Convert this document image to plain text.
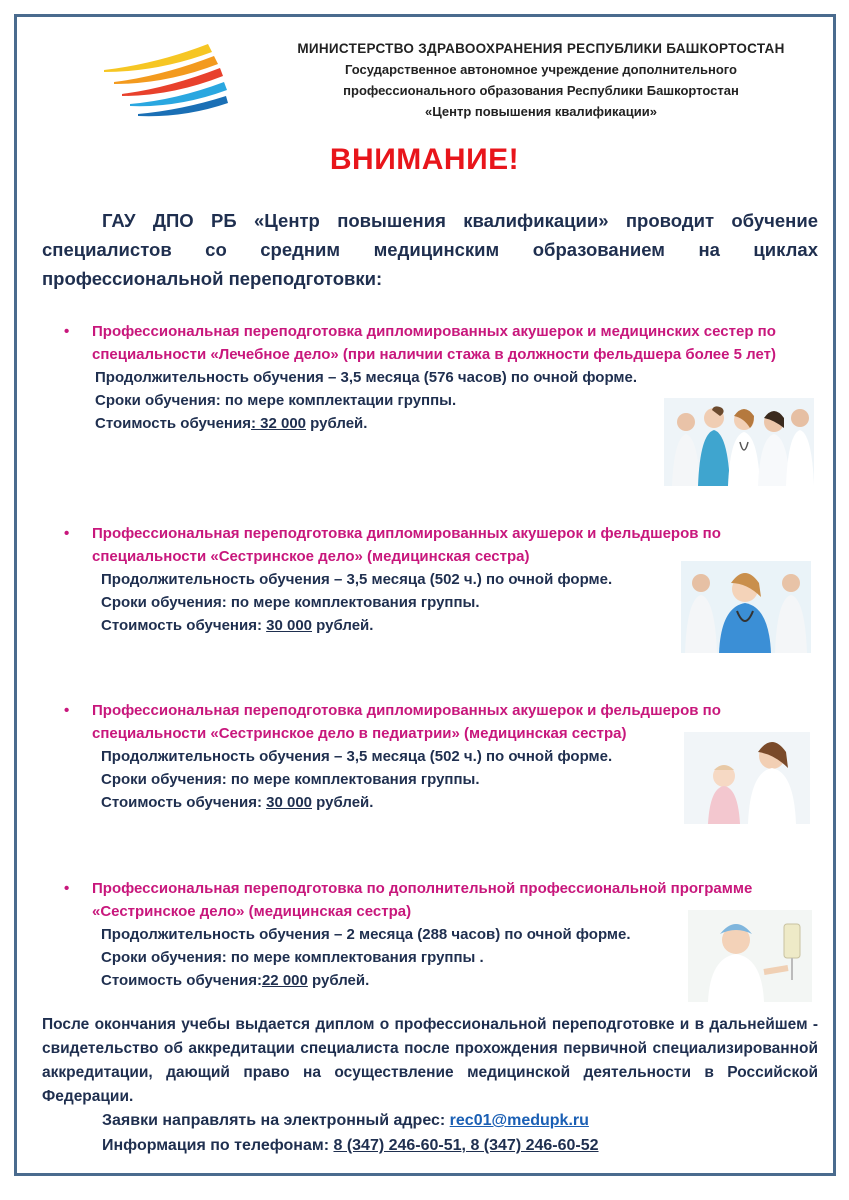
МИНИСТЕРСТВО ЗДРАВООХРАНЕНИЯ РЕСПУБЛИКИ БАШКОРТОСТАН
Государственное автономное учреждение дополнительного
профессионального образования Республики Башкортостан
«Центр повышения квалификации»
ВНИМАНИЕ!
ГАУ ДПО РБ «Центр повышения квалификации» проводит обучение специалистов со средним медицинским образованием на циклах профессиональной переподготовки:
• Профессиональная переподготовка дипломированных акушерок и медицинских сестер по специальности «Лечебное дело» (при наличии стажа в должности фельдшера более 5 лет)
Продолжительность обучения – 3,5 месяца (576 часов) по очной форме.
Сроки обучения: по мере комплектации группы.
Стоимость обучения: 32 000 рублей.
• Профессиональная переподготовка дипломированных акушерок и фельдшеров по специальности «Сестринское дело» (медицинская сестра)
Продолжительность обучения – 3,5 месяца (502 ч.) по очной форме.
Сроки обучения: по мере комплектования группы.
Стоимость обучения: 30 000 рублей.
• Профессиональная переподготовка дипломированных акушерок и фельдшеров по специальности «Сестринское дело в педиатрии» (медицинская сестра)
Продолжительность обучения – 3,5 месяца (502 ч.) по очной форме.
Сроки обучения: по мере комплектования группы.
Стоимость обучения: 30 000 рублей.
• Профессиональная переподготовка по дополнительной профессиональной программе «Сестринское дело» (медицинская сестра)
Продолжительность обучения – 2 месяца (288 часов) по очной форме.
Сроки обучения: по мере комплектования группы .
Стоимость обучения:22 000 рублей.
После окончания учебы выдается диплом о профессиональной переподготовке и в дальнейшем - свидетельство об аккредитации специалиста после прохождения первичной специализированной аккредитации, дающий право на осуществление медицинской деятельности в Российской Федерации.
Заявки направлять на электронный адрес: rec01@medupk.ru
Информация по телефонам: 8 (347) 246-60-51, 8 (347) 246-60-52
